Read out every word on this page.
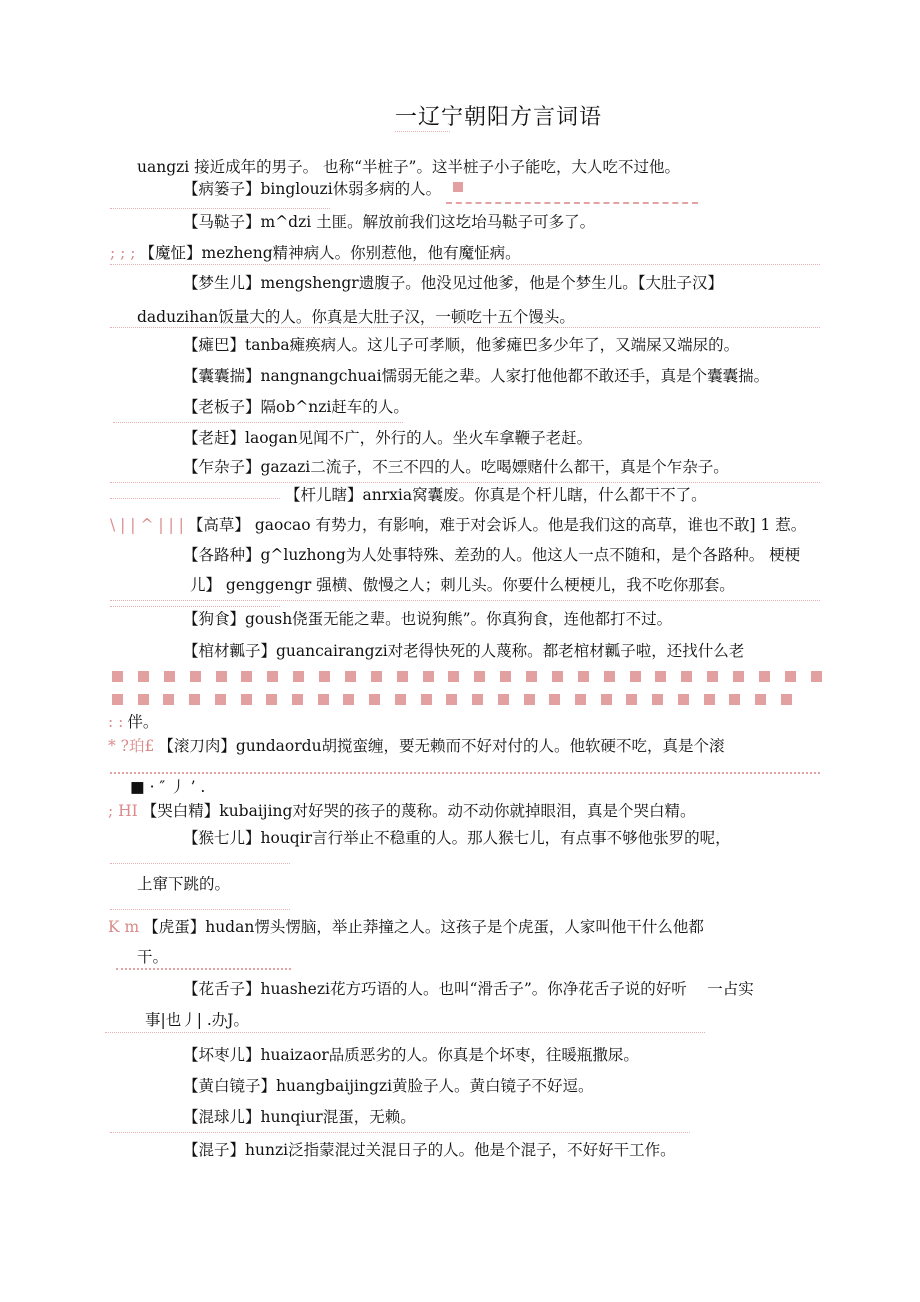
一辽宁朝阳方言词语
uangzi 接近成年的男子。 也称“半桩子”。这半桩子小子能吃，大人吃不过他。
【病篓子】binglouzi休弱多病的人。
【马鞑子】m^dzi 土匪。解放前我们这圪坮马鞑子可多了。
; ; ; 【魔怔】mezheng精神病人。你别惹他，他有魔怔病。
【梦生儿】mengshengr遗腹子。他没见过他爹，他是个梦生儿。【大肚子汉】
daduzihan饭量大的人。你真是大肚子汉，一顿吃十五个馒头。
【瘫巴】tanba瘫痪病人。这儿子可孝顺，他爹瘫巴多少年了，又端屎又端尿的。
【囊囊揣】nangnangchuai懦弱无能之辈。人家打他他都不敢还手，真是个囊囊揣。
【老板子】隔ob^nzi赶车的人。
【老赶】laogan见闻不广，外行的人。坐火车拿鞭子老赶。
【乍杂子】gazazi二流子，不三不四的人。吃喝嫖赌什么都干，真是个乍杂子。
【杆儿瞎】anrxia窝囊废。你真是个杆儿瞎，什么都干不了。
\ | | ^ | | | 【高草】 gaocao 有势力，有影响，难于对会诉人。他是我们这的高草，谁也不敢] 1 惹。
【各路种】g^luzhong为人处事特殊、差劲的人。他这人一点不随和，是个各路种。 梗梗
儿】 genggengr 强横、傲慢之人；刺儿头。你要什么梗梗儿，我不吃你那套。
【狗食】goush侥蛋无能之辈。也说狗熊”。你真狗食，连他都打不过。
【棺材瓤子】guancairangzi对老得快死的人蔑称。都老棺材瓤子啦，还找什么老
: : 伴。
* ?珀£ 【滚刀肉】gundaordu胡搅蛮缠，要无赖而不好对付的人。他软硬不吃，真是个滚
■ · ″ 丿 ’ .
; HI 【哭白精】kubaijing对好哭的孩子的蔑称。动不动你就掉眼泪，真是个哭白精。
【猴七儿】houqir言行举止不稳重的人。那人猴七儿，有点事不够他张罗的呢，
上窜下跳的。
K m 【虎蛋】hudan愣头愣脑，举止莽撞之人。这孩子是个虎蛋，人家叫他干什么他都
干。
【花舌子】huashezi花方巧语的人。也叫“滑舌子”。你净花舌子说的好听 　一占实
事|也丿| .办J。
【坏枣儿】huaizaor品质恶劣的人。你真是个坏枣，往暖瓶撒尿。
【黄白镜子】huangbaijingzi黄脸子人。黄白镜子不好逗。
【混球儿】hunqiur混蛋，无赖。
【混子】hunzi泛指蒙混过关混日子的人。他是个混子，不好好干工作。
